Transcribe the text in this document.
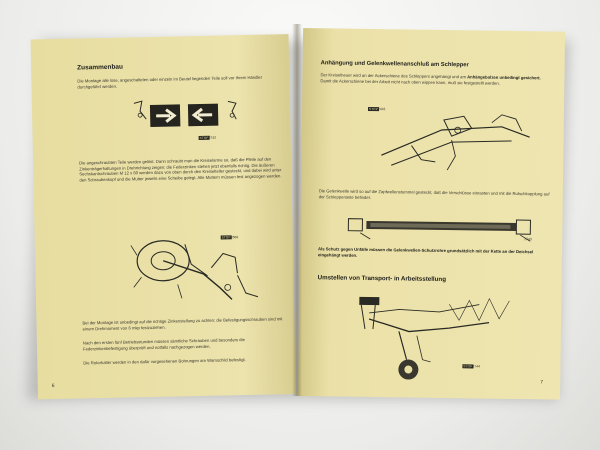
Zusammenbau
Die Montage alle lose, angeschalteten oder einzeln im Beutel liegenden Teile soll vor Ihrem Händler durchgeführt werden.
STOP 2742
Die angeschraubten Teile werden gelöst. Dann schraubt man die Kreiselarme so, daß die Pfeile auf den Zinkenträgerhaltungen in Drehrichtung zeigen; die Federzinken stehen jetzt ebenfalls richtig. Die äußeren Sechskantschrauben M 12 x 80 werden dazu von oben durch den Kreiselteller gesteckt, und dabei wird unter den Schraubenkopf und die Mutter jeweils eine Scheibe gelegt. Alle Muttern müssen fest angezogen werden.
STOP 2669
Bei der Montage ist unbedingt auf die richtige Zinkenstellung zu achten; die Befestigungsschrauben sind mit einem Drehmoment von 6 mkp festzuziehen.
Nach den ersten fünf Betriebsstunden müssen sämtliche Schrauben und besonders die Federzinkenbefestigung überprüft und notfalls nachgezogen werden.
Die Rotorhalter werden in den dafür vorgesehenen Bohrungen am Warnschild befestigt.
6
Anhängung und Gelenkwellenanschluß am Schlepper
Der Kreiselheuer wird an der Ackerschiene des Schleppers angehängt und am Anhängebolzen unbedingt gesichert. Damit die Ackerschiene bei der Arbeit nicht nach oben wippen kann, muß sie festgestellt werden.
STOP 2441
Die Gelenkwelle wird so auf die Zapfwellenstummel gesteckt, daß die Verschlüsse einrasten und mit die Rutschkupplung auf der Schlepperseite befindet.
2743
Als Schutz gegen Unfälle müssen die Gelenkwellen-Schutzrohre grundsätzlich mit der Kette an der Deichsel eingehängt werden.
Umstellen von Transport- in Arbeitsstellung
STOP 2744
7
